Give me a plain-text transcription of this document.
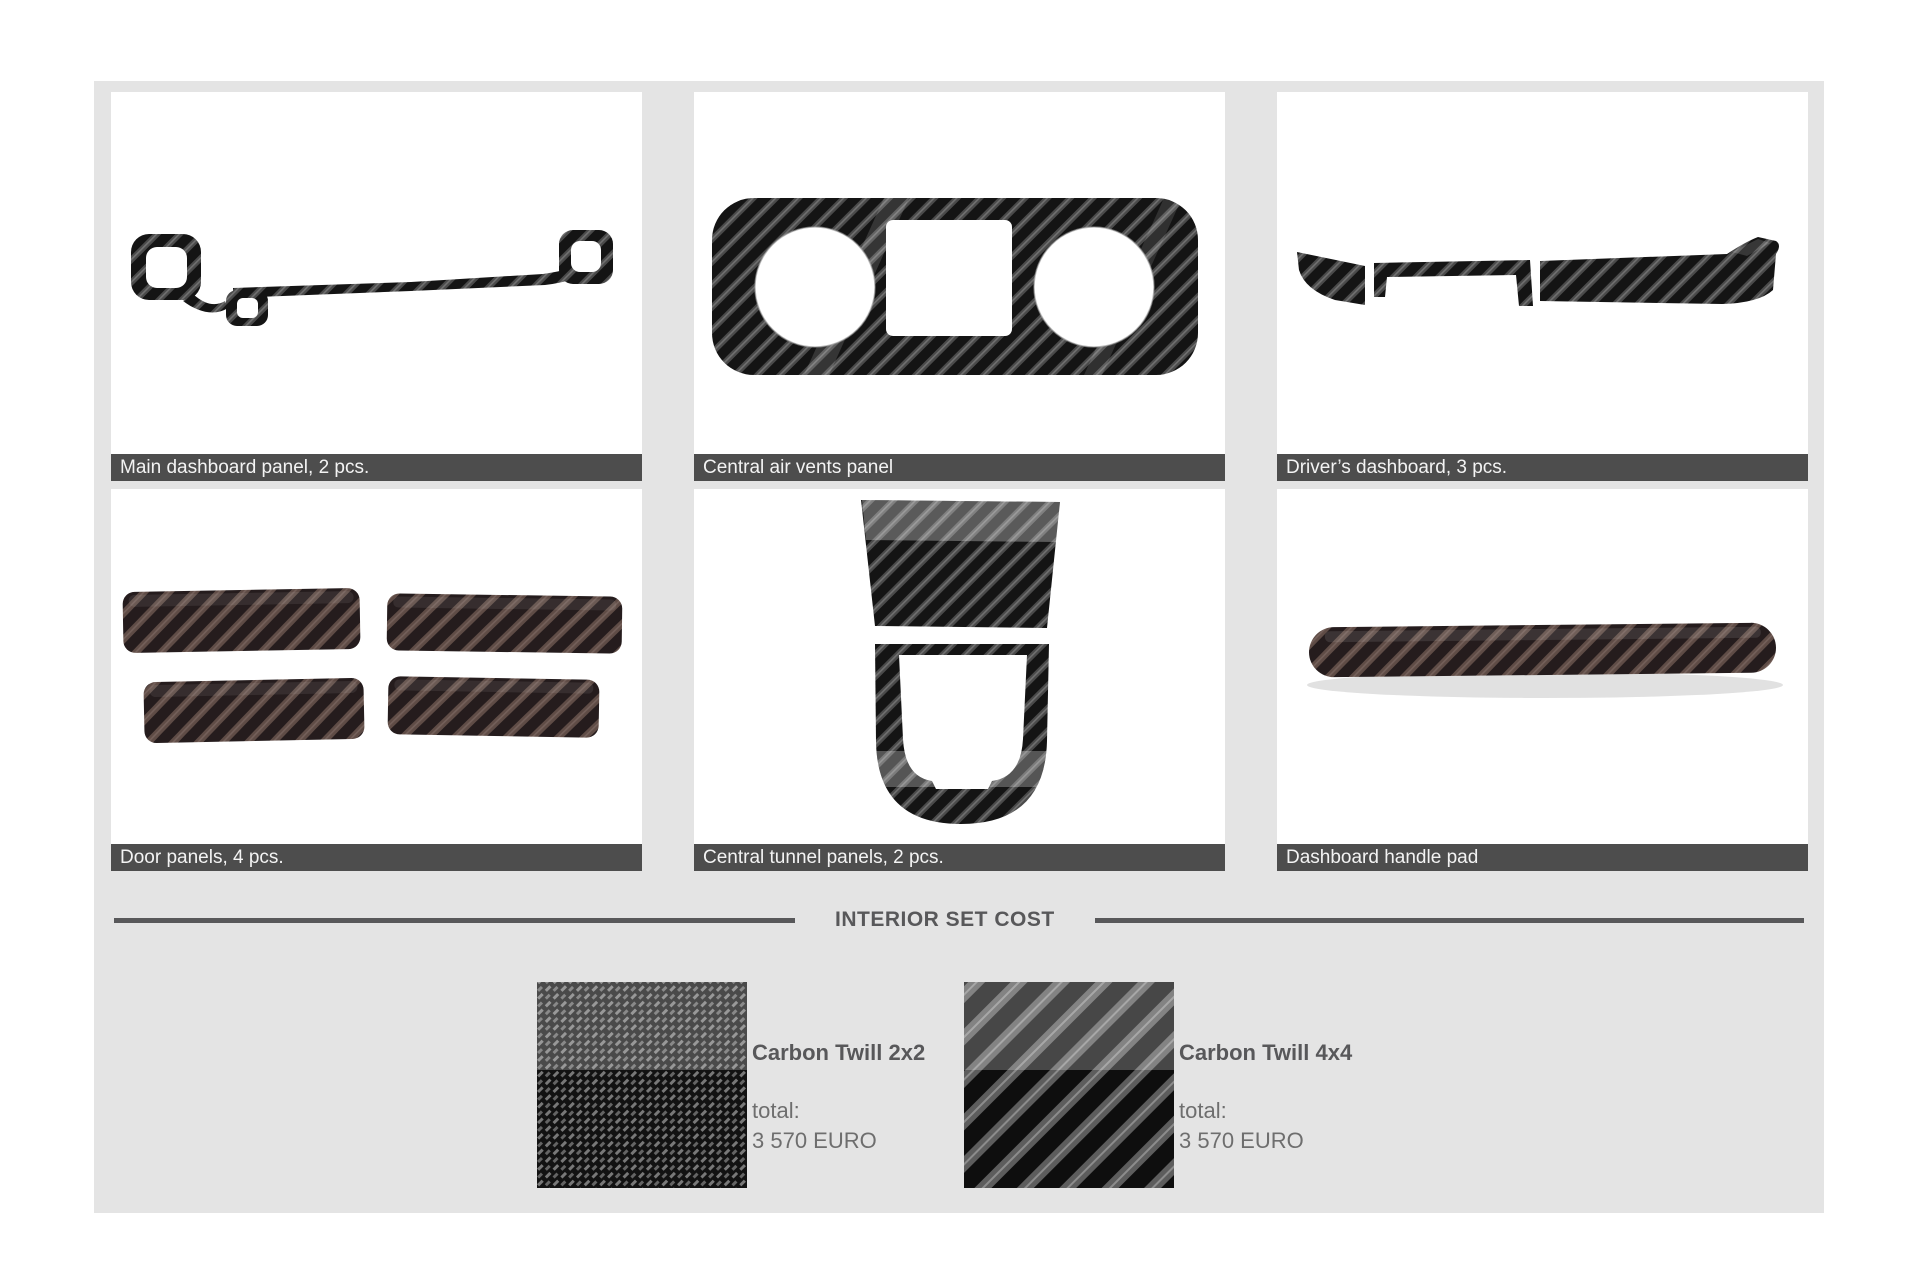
Main dashboard panel, 2 pcs.	Central air vents panel	Driver’s dashboard, 3 pcs.
Door panels, 4 pcs.	Central tunnel panels, 2 pcs.	Dashboard handle pad
INTERIOR SET COST
Carbon Twill 2x2
total:
3 570 EURO
Carbon Twill 4x4
total:
3 570 EURO
